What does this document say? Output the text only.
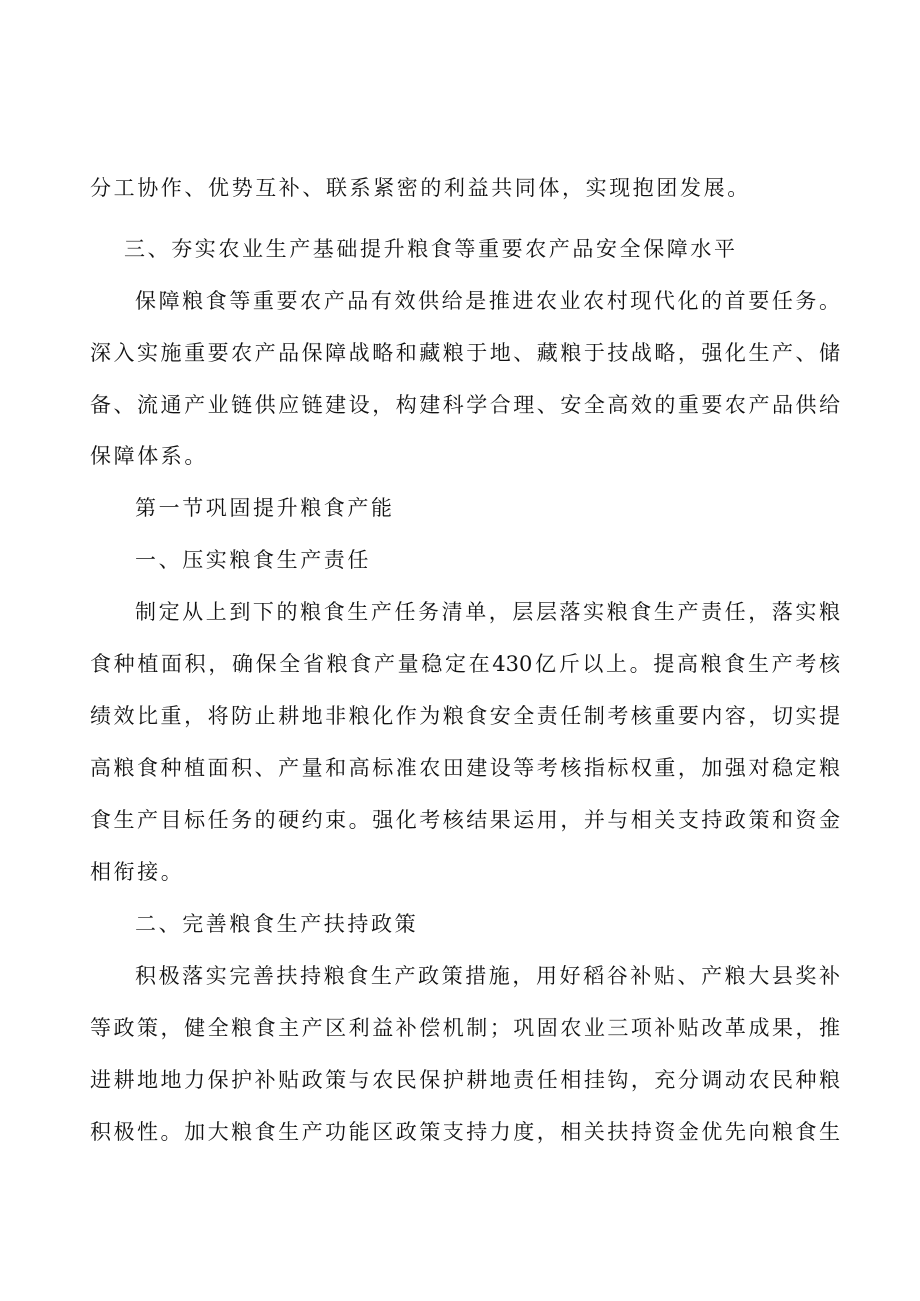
分工协作、优势互补、联系紧密的利益共同体，实现抱团发展。
三、夯实农业生产基础提升粮食等重要农产品安全保障水平
保障粮食等重要农产品有效供给是推进农业农村现代化的首要任务。
深入实施重要农产品保障战略和藏粮于地、藏粮于技战略，强化生产、储
备、流通产业链供应链建设，构建科学合理、安全高效的重要农产品供给
保障体系。
第一节巩固提升粮食产能
一、压实粮食生产责任
制定从上到下的粮食生产任务清单，层层落实粮食生产责任，落实粮
食种植面积，确保全省粮食产量稳定在430亿斤以上。提高粮食生产考核
绩效比重，将防止耕地非粮化作为粮食安全责任制考核重要内容，切实提
高粮食种植面积、产量和高标准农田建设等考核指标权重，加强对稳定粮
食生产目标任务的硬约束。强化考核结果运用，并与相关支持政策和资金
相衔接。
二、完善粮食生产扶持政策
积极落实完善扶持粮食生产政策措施，用好稻谷补贴、产粮大县奖补
等政策，健全粮食主产区利益补偿机制；巩固农业三项补贴改革成果，推
进耕地地力保护补贴政策与农民保护耕地责任相挂钩，充分调动农民种粮
积极性。加大粮食生产功能区政策支持力度，相关扶持资金优先向粮食生
